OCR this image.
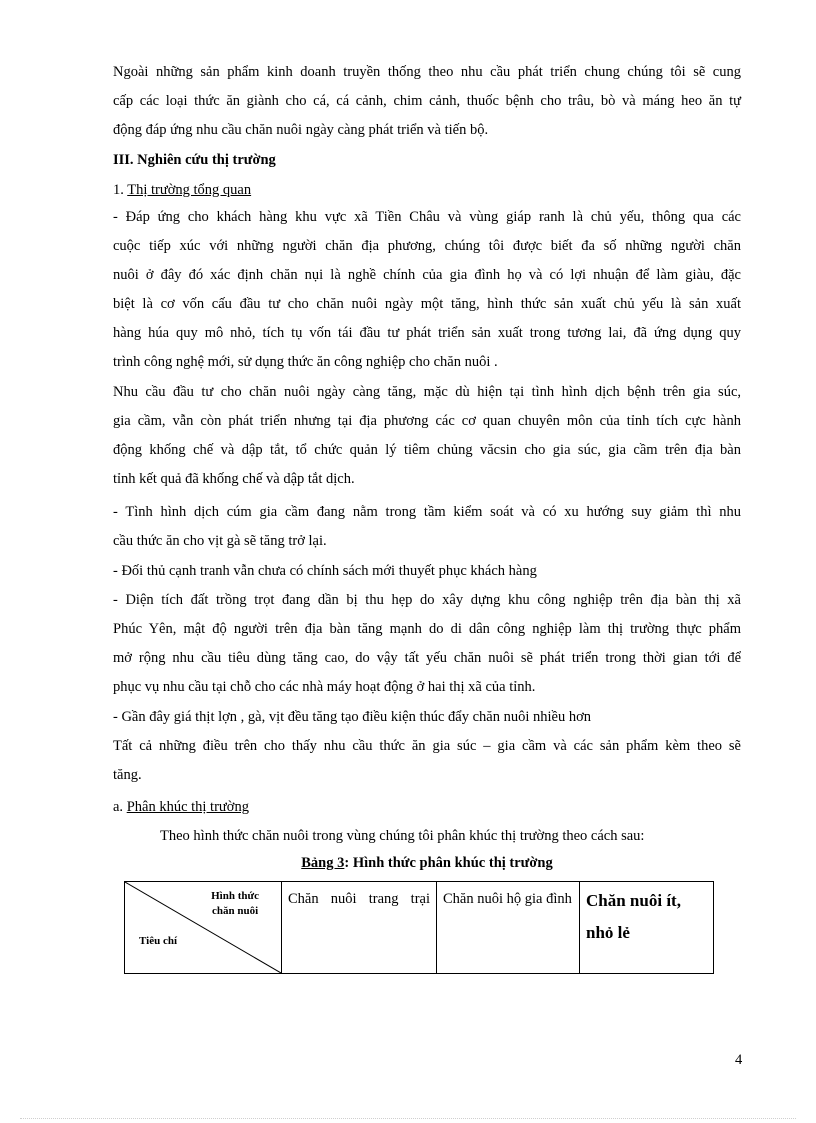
Ngoài những sản phẩm kinh doanh truyền thống theo nhu cầu phát triển chung chúng tôi sẽ cung
cấp các loại thức ăn giành cho cá, cá cảnh, chim cảnh, thuốc bệnh cho trâu, bò và máng heo ăn tự
động đáp ứng nhu cầu chăn nuôi ngày càng phát triển và tiến bộ.

III. Nghiên cứu thị trường

1. Thị trường tổng quan

- Đáp ứng cho khách hàng khu vực xã Tiền Châu và vùng giáp ranh là chủ yếu, thông qua các
cuộc tiếp xúc với những người chăn địa phương, chúng tôi được biết đa số những người chăn
nuôi ở đây đó xác định chăn nụi là nghề chính của gia đình họ và có lợi nhuận để làm giàu, đặc
biệt là cơ vốn cấu đầu tư cho chăn nuôi ngày một tăng, hình thức sản xuất chủ yếu là sản xuất
hàng húa quy mô nhỏ, tích tụ vốn tái đầu tư phát triển sản xuất trong tương lai, đã ứng dụng quy
trình công nghệ mới, sử dụng thức ăn công nghiệp cho chăn nuôi .

Nhu cầu đầu tư cho chăn nuôi ngày càng tăng, mặc dù hiện tại tình hình dịch bệnh trên gia súc,
gia cầm, vẫn còn phát triển nhưng tại địa phương các cơ quan chuyên môn của tỉnh tích cực hành
động khống chế và dập tắt, tổ chức quản lý tiêm chủng văcsin cho gia súc, gia cầm trên địa bàn
tỉnh kết quả đã khống chế và dập tắt dịch.

- Tình hình dịch cúm gia cầm đang nằm trong tầm kiểm soát và có xu hướng suy giảm thì nhu
cầu thức ăn cho vịt gà sẽ tăng trở lại.

- Đối thủ cạnh tranh vẫn chưa có chính sách mới thuyết phục khách hàng

- Diện tích đất trồng trọt đang dần bị thu hẹp do xây dựng khu công nghiệp trên địa bàn thị xã
Phúc Yên, mật độ người trên địa bàn tăng mạnh do di dân công nghiệp làm thị trường thực phẩm
mở rộng nhu cầu tiêu dùng tăng cao, do vậy tất yếu chăn nuôi sẽ phát triển trong thời gian tới để
phục vụ nhu cầu tại chỗ cho các nhà máy hoạt động ở hai thị xã của tỉnh.

- Gần đây giá thịt lợn , gà, vịt đều tăng tạo điều kiện thúc đẩy chăn nuôi nhiều hơn

Tất cả những điều trên cho thấy nhu cầu thức ăn gia súc – gia cầm và các sản phẩm kèm theo sẽ
tăng.

a. Phân khúc thị trường

Theo hình thức chăn nuôi trong vùng chúng tôi phân khúc thị trường theo cách sau:

Bảng 3: Hình thức phân khúc thị trường
Hình thức
chăn nuôi
Tiêu chí
	Chăn nuôi trang trại	Chăn nuôi hộ gia đình	Chăn nuôi ít, nhỏ lẻ
4
